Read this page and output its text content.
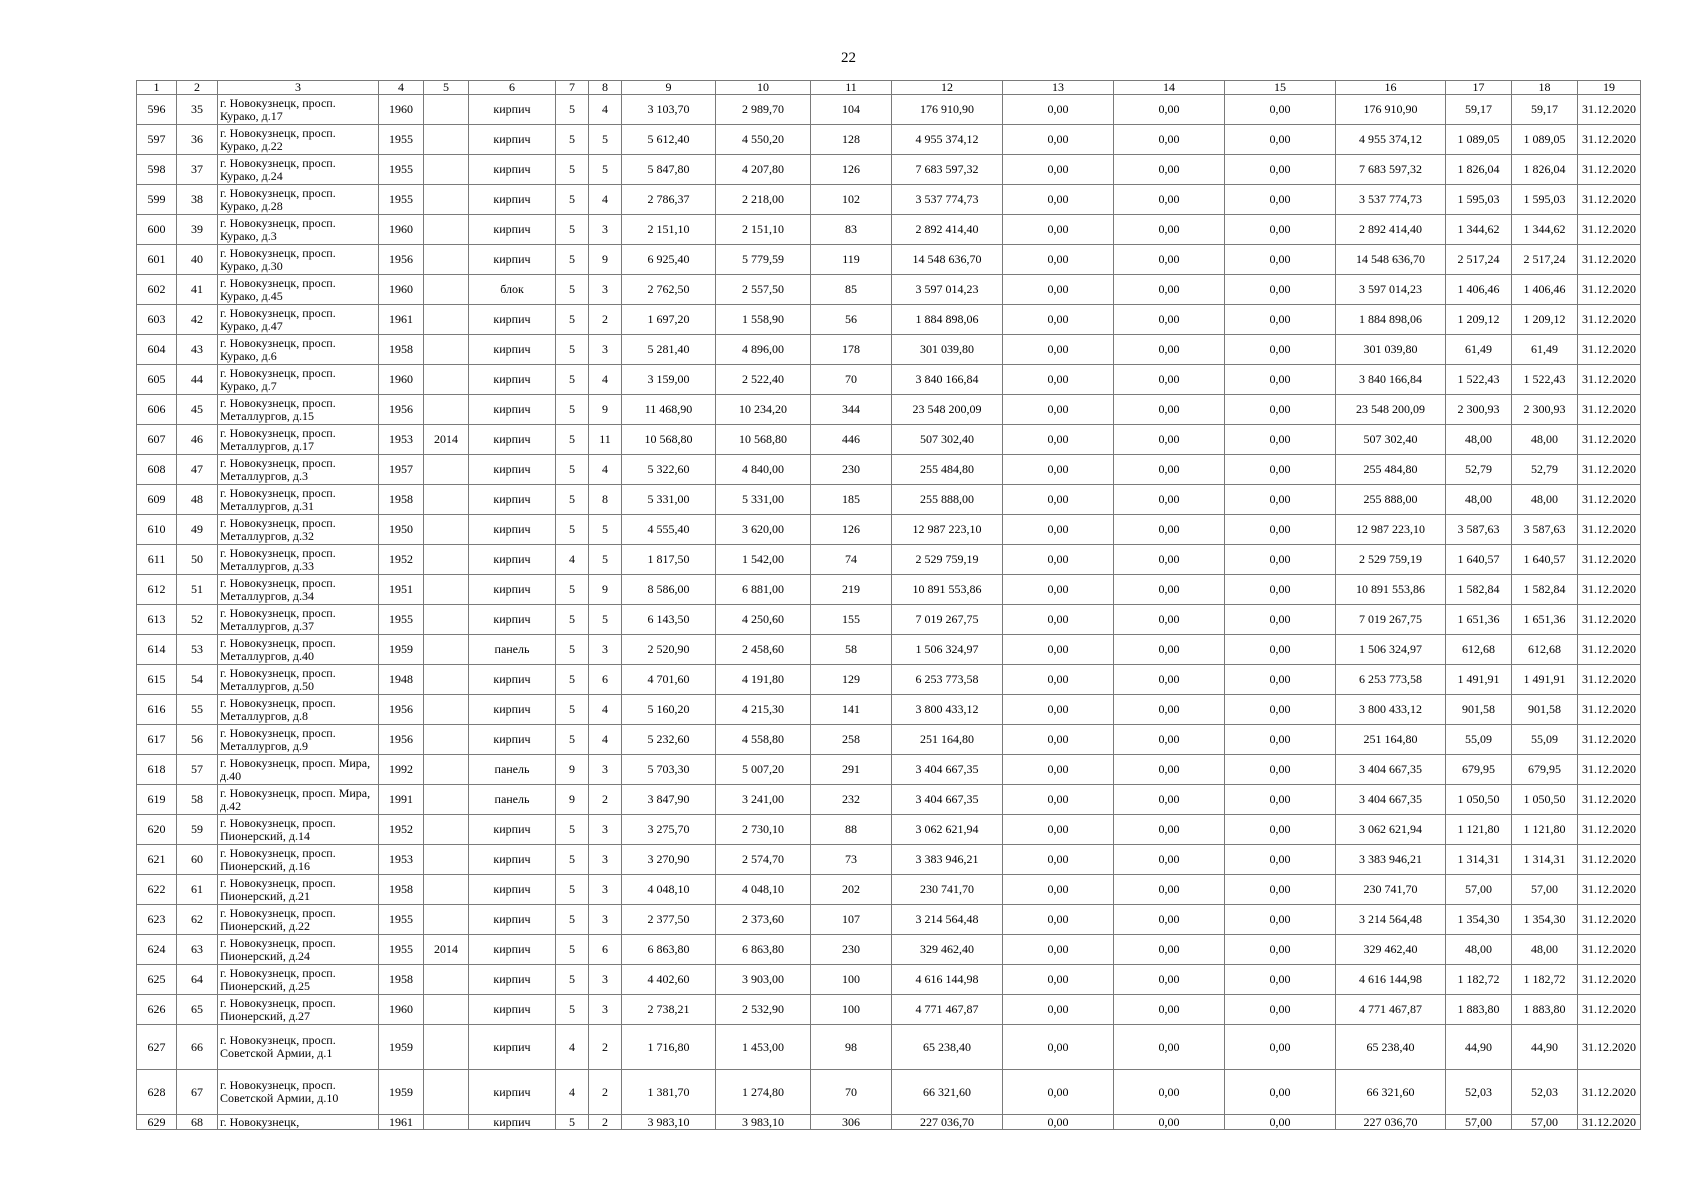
22
1	2	3	4	5	6	7	8	9	10	11	12	13	14	15	16	17	18	19
596	35	г. Новокузнецк, просп. Курако, д.17	1960		кирпич	5	4	3 103,70	2 989,70	104	176 910,90	0,00	0,00	0,00	176 910,90	59,17	59,17	31.12.2020
597	36	г. Новокузнецк, просп. Курако, д.22	1955		кирпич	5	5	5 612,40	4 550,20	128	4 955 374,12	0,00	0,00	0,00	4 955 374,12	1 089,05	1 089,05	31.12.2020
598	37	г. Новокузнецк, просп. Курако, д.24	1955		кирпич	5	5	5 847,80	4 207,80	126	7 683 597,32	0,00	0,00	0,00	7 683 597,32	1 826,04	1 826,04	31.12.2020
599	38	г. Новокузнецк, просп. Курако, д.28	1955		кирпич	5	4	2 786,37	2 218,00	102	3 537 774,73	0,00	0,00	0,00	3 537 774,73	1 595,03	1 595,03	31.12.2020
600	39	г. Новокузнецк, просп. Курако, д.3	1960		кирпич	5	3	2 151,10	2 151,10	83	2 892 414,40	0,00	0,00	0,00	2 892 414,40	1 344,62	1 344,62	31.12.2020
601	40	г. Новокузнецк, просп. Курако, д.30	1956		кирпич	5	9	6 925,40	5 779,59	119	14 548 636,70	0,00	0,00	0,00	14 548 636,70	2 517,24	2 517,24	31.12.2020
602	41	г. Новокузнецк, просп. Курако, д.45	1960		блок	5	3	2 762,50	2 557,50	85	3 597 014,23	0,00	0,00	0,00	3 597 014,23	1 406,46	1 406,46	31.12.2020
603	42	г. Новокузнецк, просп. Курако, д.47	1961		кирпич	5	2	1 697,20	1 558,90	56	1 884 898,06	0,00	0,00	0,00	1 884 898,06	1 209,12	1 209,12	31.12.2020
604	43	г. Новокузнецк, просп. Курако, д.6	1958		кирпич	5	3	5 281,40	4 896,00	178	301 039,80	0,00	0,00	0,00	301 039,80	61,49	61,49	31.12.2020
605	44	г. Новокузнецк, просп. Курако, д.7	1960		кирпич	5	4	3 159,00	2 522,40	70	3 840 166,84	0,00	0,00	0,00	3 840 166,84	1 522,43	1 522,43	31.12.2020
606	45	г. Новокузнецк, просп. Металлургов, д.15	1956		кирпич	5	9	11 468,90	10 234,20	344	23 548 200,09	0,00	0,00	0,00	23 548 200,09	2 300,93	2 300,93	31.12.2020
607	46	г. Новокузнецк, просп. Металлургов, д.17	1953	2014	кирпич	5	11	10 568,80	10 568,80	446	507 302,40	0,00	0,00	0,00	507 302,40	48,00	48,00	31.12.2020
608	47	г. Новокузнецк, просп. Металлургов, д.3	1957		кирпич	5	4	5 322,60	4 840,00	230	255 484,80	0,00	0,00	0,00	255 484,80	52,79	52,79	31.12.2020
609	48	г. Новокузнецк, просп. Металлургов, д.31	1958		кирпич	5	8	5 331,00	5 331,00	185	255 888,00	0,00	0,00	0,00	255 888,00	48,00	48,00	31.12.2020
610	49	г. Новокузнецк, просп. Металлургов, д.32	1950		кирпич	5	5	4 555,40	3 620,00	126	12 987 223,10	0,00	0,00	0,00	12 987 223,10	3 587,63	3 587,63	31.12.2020
611	50	г. Новокузнецк, просп. Металлургов, д.33	1952		кирпич	4	5	1 817,50	1 542,00	74	2 529 759,19	0,00	0,00	0,00	2 529 759,19	1 640,57	1 640,57	31.12.2020
612	51	г. Новокузнецк, просп. Металлургов, д.34	1951		кирпич	5	9	8 586,00	6 881,00	219	10 891 553,86	0,00	0,00	0,00	10 891 553,86	1 582,84	1 582,84	31.12.2020
613	52	г. Новокузнецк, просп. Металлургов, д.37	1955		кирпич	5	5	6 143,50	4 250,60	155	7 019 267,75	0,00	0,00	0,00	7 019 267,75	1 651,36	1 651,36	31.12.2020
614	53	г. Новокузнецк, просп. Металлургов, д.40	1959		панель	5	3	2 520,90	2 458,60	58	1 506 324,97	0,00	0,00	0,00	1 506 324,97	612,68	612,68	31.12.2020
615	54	г. Новокузнецк, просп. Металлургов, д.50	1948		кирпич	5	6	4 701,60	4 191,80	129	6 253 773,58	0,00	0,00	0,00	6 253 773,58	1 491,91	1 491,91	31.12.2020
616	55	г. Новокузнецк, просп. Металлургов, д.8	1956		кирпич	5	4	5 160,20	4 215,30	141	3 800 433,12	0,00	0,00	0,00	3 800 433,12	901,58	901,58	31.12.2020
617	56	г. Новокузнецк, просп. Металлургов, д.9	1956		кирпич	5	4	5 232,60	4 558,80	258	251 164,80	0,00	0,00	0,00	251 164,80	55,09	55,09	31.12.2020
618	57	г. Новокузнецк, просп. Мира, д.40	1992		панель	9	3	5 703,30	5 007,20	291	3 404 667,35	0,00	0,00	0,00	3 404 667,35	679,95	679,95	31.12.2020
619	58	г. Новокузнецк, просп. Мира, д.42	1991		панель	9	2	3 847,90	3 241,00	232	3 404 667,35	0,00	0,00	0,00	3 404 667,35	1 050,50	1 050,50	31.12.2020
620	59	г. Новокузнецк, просп. Пионерский, д.14	1952		кирпич	5	3	3 275,70	2 730,10	88	3 062 621,94	0,00	0,00	0,00	3 062 621,94	1 121,80	1 121,80	31.12.2020
621	60	г. Новокузнецк, просп. Пионерский, д.16	1953		кирпич	5	3	3 270,90	2 574,70	73	3 383 946,21	0,00	0,00	0,00	3 383 946,21	1 314,31	1 314,31	31.12.2020
622	61	г. Новокузнецк, просп. Пионерский, д.21	1958		кирпич	5	3	4 048,10	4 048,10	202	230 741,70	0,00	0,00	0,00	230 741,70	57,00	57,00	31.12.2020
623	62	г. Новокузнецк, просп. Пионерский, д.22	1955		кирпич	5	3	2 377,50	2 373,60	107	3 214 564,48	0,00	0,00	0,00	3 214 564,48	1 354,30	1 354,30	31.12.2020
624	63	г. Новокузнецк, просп. Пионерский, д.24	1955	2014	кирпич	5	6	6 863,80	6 863,80	230	329 462,40	0,00	0,00	0,00	329 462,40	48,00	48,00	31.12.2020
625	64	г. Новокузнецк, просп. Пионерский, д.25	1958		кирпич	5	3	4 402,60	3 903,00	100	4 616 144,98	0,00	0,00	0,00	4 616 144,98	1 182,72	1 182,72	31.12.2020
626	65	г. Новокузнецк, просп. Пионерский, д.27	1960		кирпич	5	3	2 738,21	2 532,90	100	4 771 467,87	0,00	0,00	0,00	4 771 467,87	1 883,80	1 883,80	31.12.2020
627	66	г. Новокузнецк, просп. Советской Армии, д.1	1959		кирпич	4	2	1 716,80	1 453,00	98	65 238,40	0,00	0,00	0,00	65 238,40	44,90	44,90	31.12.2020
628	67	г. Новокузнецк, просп. Советской Армии, д.10	1959		кирпич	4	2	1 381,70	1 274,80	70	66 321,60	0,00	0,00	0,00	66 321,60	52,03	52,03	31.12.2020
629	68	г. Новокузнецк,	1961		кирпич	5	2	3 983,10	3 983,10	306	227 036,70	0,00	0,00	0,00	227 036,70	57,00	57,00	31.12.2020
